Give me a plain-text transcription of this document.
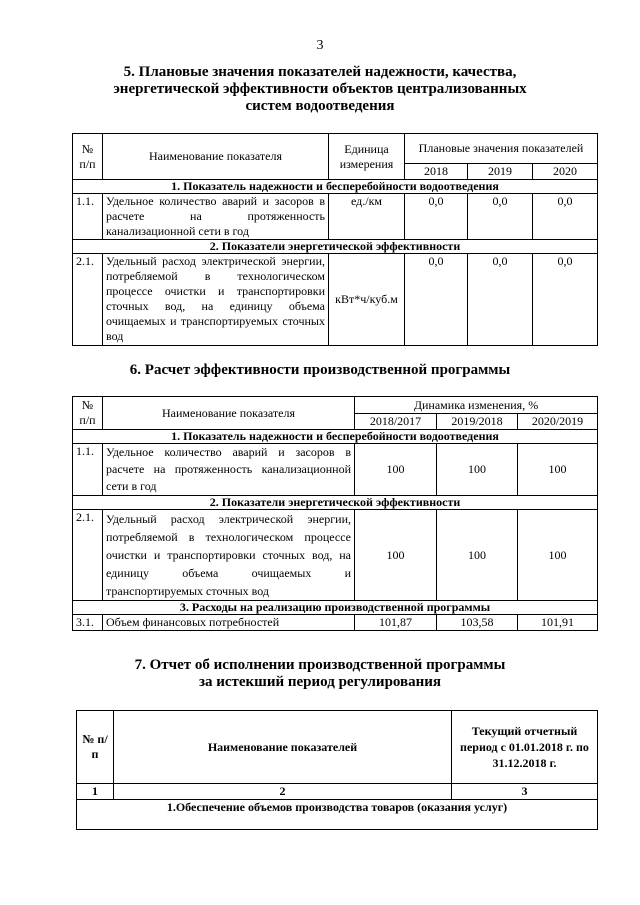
3
5. Плановые значения показателей надежности, качества,
энергетической эффективности объектов централизованных
систем водоотведения
№ п/п	Наименование показателя	Единица измерения	Плановые значения показателей		
			2018	2019	2020
1. Показатель надежности и бесперебойности водоотведения					
1.1.	Удельное количество аварий и засоров в расчете на протяженность канализационной сети в год	ед./км	0,0	0,0	0,0
2. Показатели энергетической эффективности					
2.1.	Удельный расход электрической энергии, потребляемой в технологическом процессе очистки и транспортировки сточных вод, на единицу объема очищаемых и транспортируемых сточных вод	кВт*ч/куб.м	0,0	0,0	0,0
6. Расчет эффективности производственной программы
№ п/п	Наименование показателя	Динамика изменения, %		
		2018/2017	2019/2018	2020/2019
1. Показатель надежности и бесперебойности водоотведения				
1.1.	Удельное количество аварий и засоров в расчете на протяженность канализационной сети в год	100	100	100
2. Показатели энергетической эффективности				
2.1.	Удельный расход электрической энергии, потребляемой в технологическом процессе очистки и транспортировки сточных вод, на единицу объема очищаемых и транспортируемых сточных вод	100	100	100
3. Расходы на реализацию производственной программы				
3.1.	Объем финансовых потребностей	101,87	103,58	101,91
7. Отчет об исполнении производственной программы
за истекший период регулирования
№ п/п	Наименование показателей	Текущий отчетный период с 01.01.2018 г. по 31.12.2018 г.
1	2	3
1.Обеспечение объемов производства товаров (оказания услуг)		
